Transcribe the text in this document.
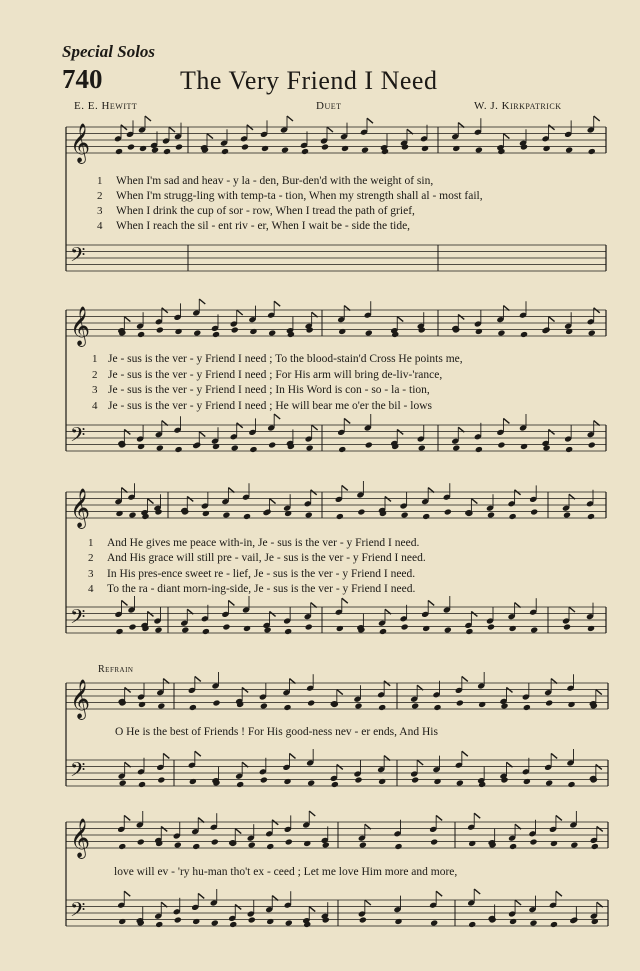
Special Solos
740	The Very Friend I Need
E. E. Hewitt	Duet	W. J. Kirkpatrick
𝄞
𝄢
𝄞
𝄢
𝄞
𝄢
𝄞
𝄢
𝄞
𝄢
1 When I'm sad and heav - y la - den, Bur-den'd with the weight of sin,
2 When I'm strugg-ling with temp-ta - tion, When my strength shall al - most fail,
3 When I drink the cup of sor - row, When I tread the path of grief,
4 When I reach the sil - ent riv - er, When I wait be - side the tide,
1 Je - sus is the ver - y Friend I need ; To the blood-stain'd Cross He points me,
2 Je - sus is the ver - y Friend I need ; For His arm will bring de-liv-'rance,
3 Je - sus is the ver - y Friend I need ; In His Word is con - so - la - tion,
4 Je - sus is the ver - y Friend I need ; He will bear me o'er the bil - lows
1 And He gives me peace with-in, Je - sus is the ver - y Friend I need.
2 And His grace will still pre - vail, Je - sus is the ver - y Friend I need.
3 In His pres-ence sweet re - lief, Je - sus is the ver - y Friend I need.
4 To the ra - diant morn-ing-side, Je - sus is the ver - y Friend I need.
Refrain
O He is the best of Friends ! For His good-ness nev - er ends, And His
love will ev - 'ry hu-man tho't ex - ceed ; Let me love Him more and more,
